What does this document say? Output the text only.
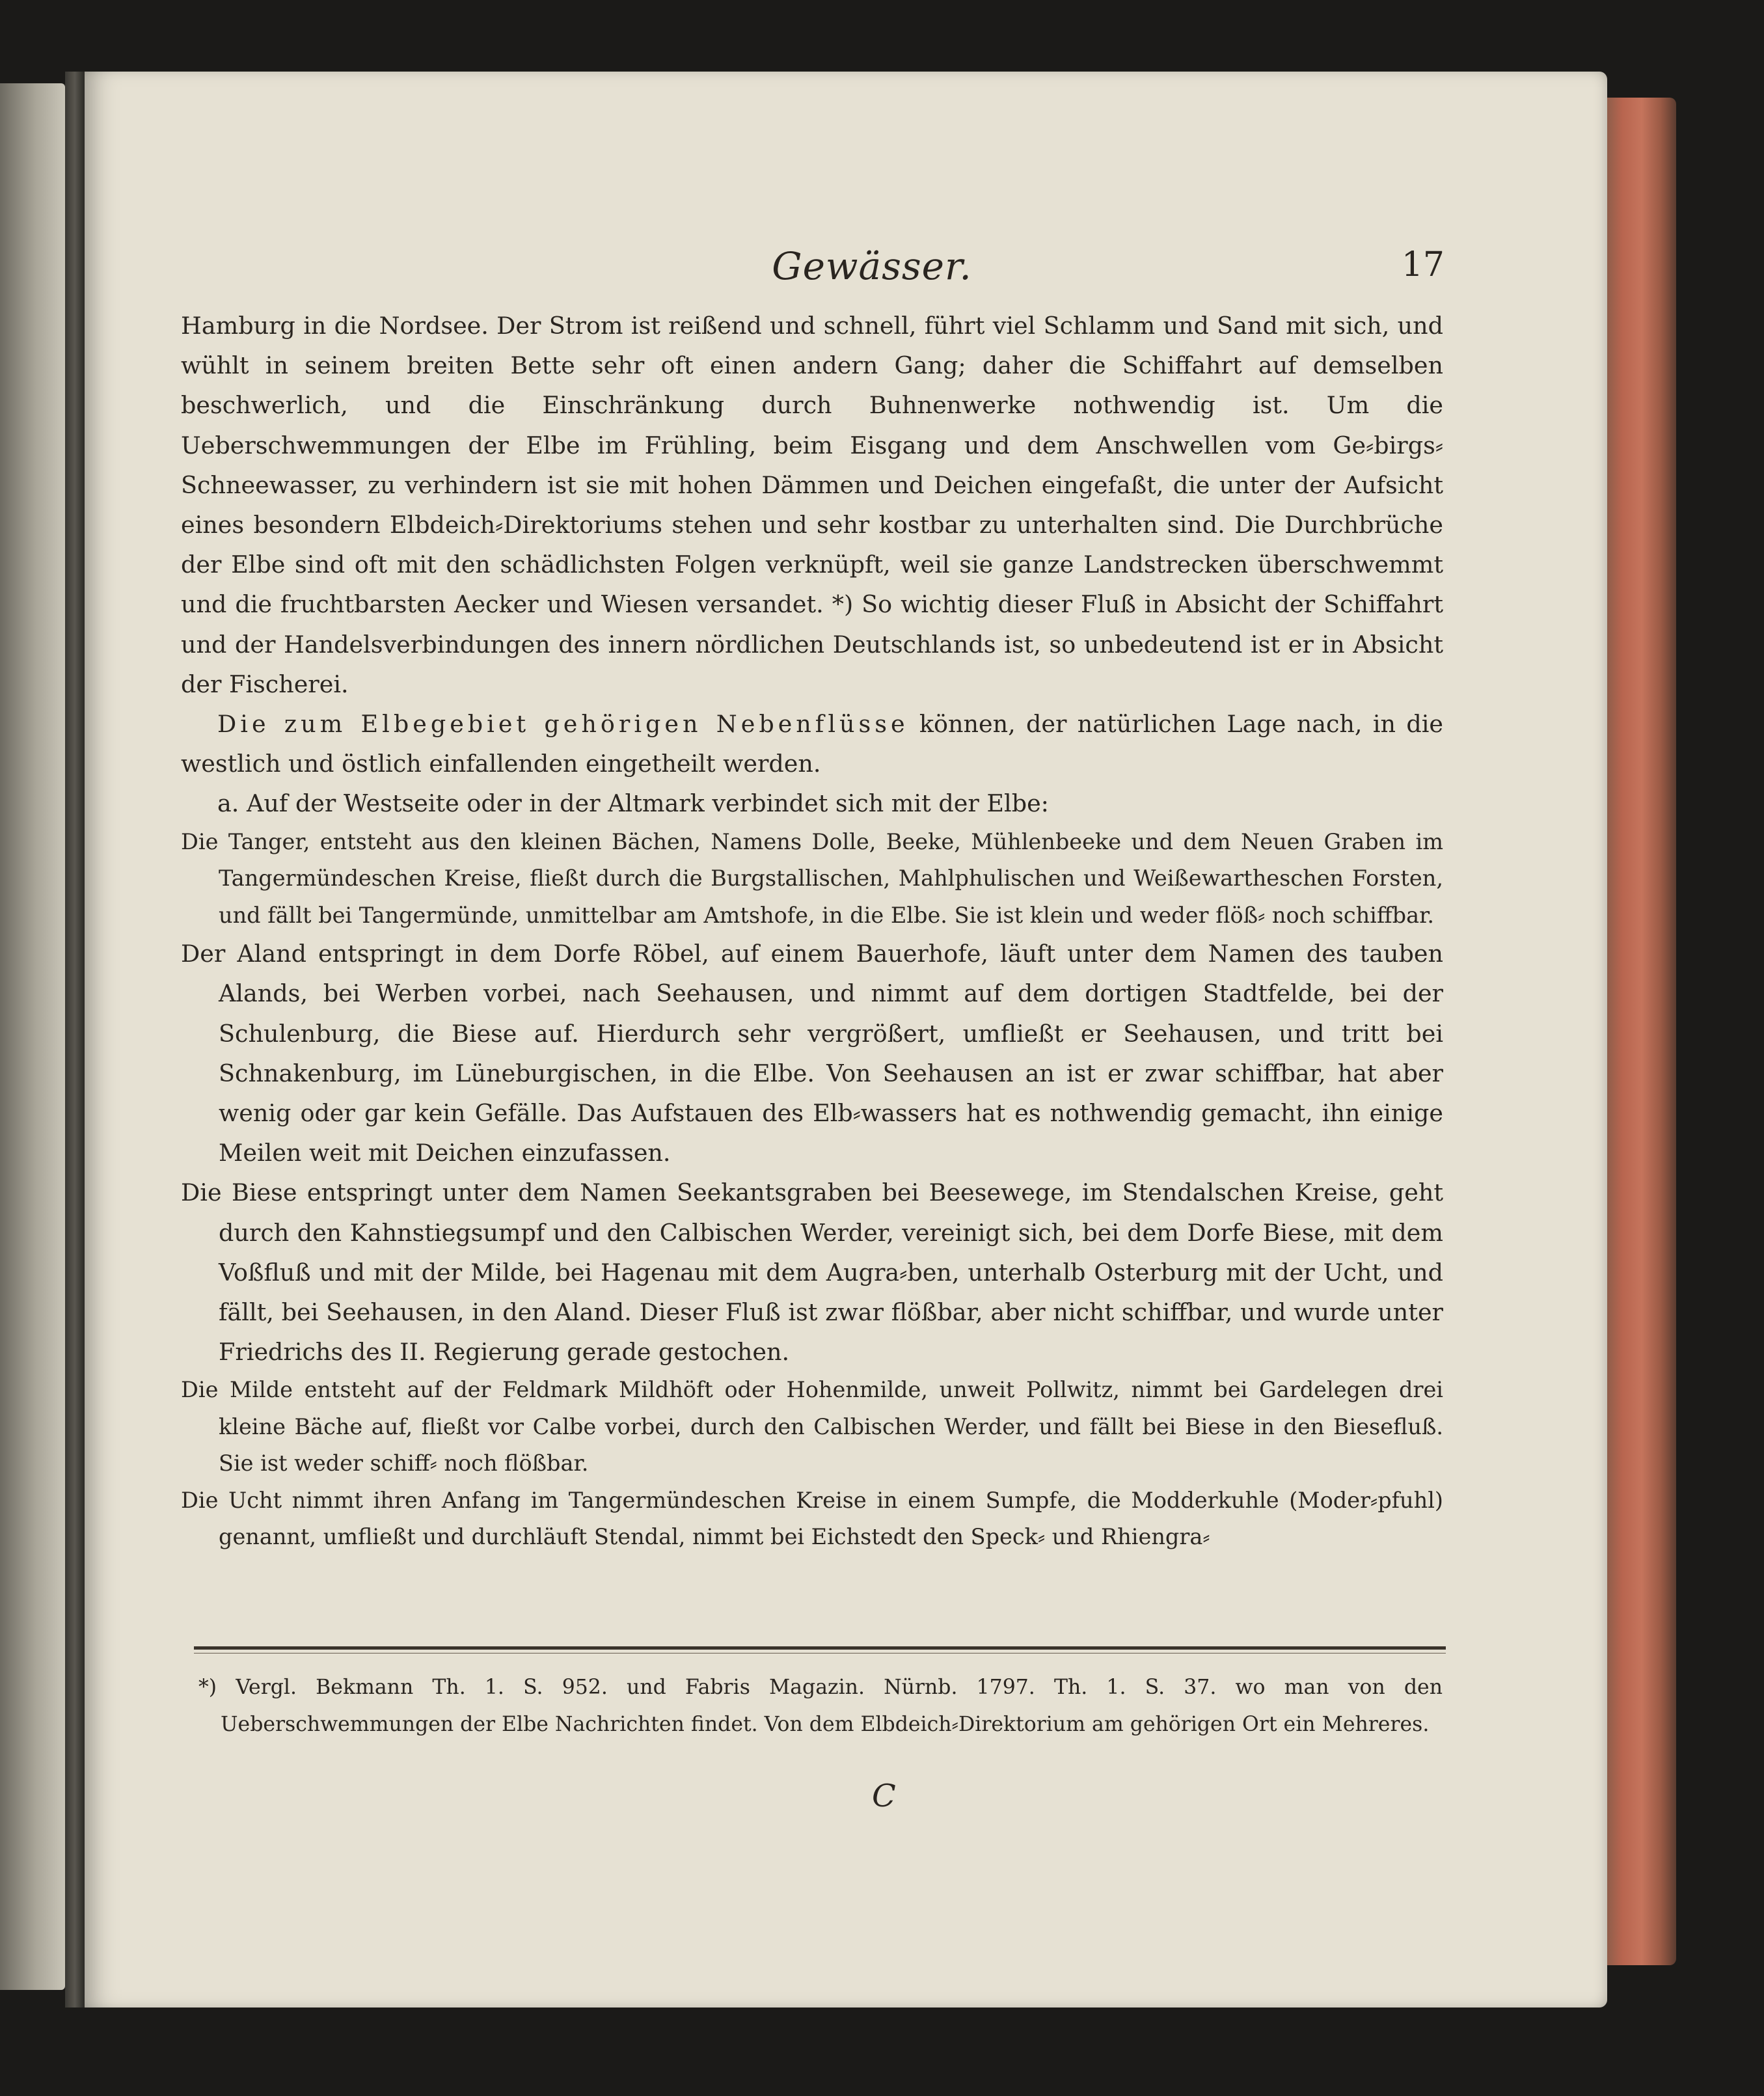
Gewässer.	17

Hamburg in die Nordsee. Der Strom ist reißend und schnell, führt viel Schlamm und Sand mit sich, und wühlt in seinem breiten Bette sehr oft einen andern Gang; daher die Schiffahrt auf demselben beschwerlich, und die Einschränkung durch Buhnenwerke nothwendig ist. Um die Ueberschwemmungen der Elbe im Frühling, beim Eisgang und dem Anschwellen vom Ge⸗birgs⸗Schneewasser, zu verhindern ist sie mit hohen Dämmen und Deichen eingefaßt, die unter der Aufsicht eines besondern Elbdeich⸗Direktoriums stehen und sehr kostbar zu unterhalten sind. Die Durchbrüche der Elbe sind oft mit den schädlichsten Folgen verknüpft, weil sie ganze Landstrecken überschwemmt und die fruchtbarsten Aecker und Wiesen versandet. *) So wichtig dieser Fluß in Absicht der Schiffahrt und der Handelsverbindungen des innern nördlichen Deutschlands ist, so unbedeutend ist er in Absicht der Fischerei.

Die zum Elbegebiet gehörigen Nebenflüsse können, der natürlichen Lage nach, in die westlich und östlich einfallenden eingetheilt werden.

a. Auf der Westseite oder in der Altmark verbindet sich mit der Elbe:

Die Tanger, entsteht aus den kleinen Bächen, Namens Dolle, Beeke, Mühlenbeeke und dem Neuen Graben im Tangermündeschen Kreise, fließt durch die Burgstallischen, Mahlphulischen und Weißewartheschen Forsten, und fällt bei Tangermünde, unmittelbar am Amtshofe, in die Elbe. Sie ist klein und weder flöß⸗ noch schiffbar.

Der Aland entspringt in dem Dorfe Röbel, auf einem Bauerhofe, läuft unter dem Namen des tauben Alands, bei Werben vorbei, nach Seehausen, und nimmt auf dem dortigen Stadtfelde, bei der Schulenburg, die Biese auf. Hierdurch sehr vergrößert, umfließt er Seehausen, und tritt bei Schnakenburg, im Lüneburgischen, in die Elbe. Von Seehausen an ist er zwar schiffbar, hat aber wenig oder gar kein Gefälle. Das Aufstauen des Elb⸗wassers hat es nothwendig gemacht, ihn einige Meilen weit mit Deichen einzufassen.

Die Biese entspringt unter dem Namen Seekantsgraben bei Beesewege, im Stendalschen Kreise, geht durch den Kahnstiegsumpf und den Calbischen Werder, vereinigt sich, bei dem Dorfe Biese, mit dem Voßfluß und mit der Milde, bei Hagenau mit dem Augra⸗ben, unterhalb Osterburg mit der Ucht, und fällt, bei Seehausen, in den Aland. Dieser Fluß ist zwar flößbar, aber nicht schiffbar, und wurde unter Friedrichs des II. Regierung gerade gestochen.

Die Milde entsteht auf der Feldmark Mildhöft oder Hohenmilde, unweit Pollwitz, nimmt bei Gardelegen drei kleine Bäche auf, fließt vor Calbe vorbei, durch den Calbischen Werder, und fällt bei Biese in den Biesefluß. Sie ist weder schiff⸗ noch flößbar.

Die Ucht nimmt ihren Anfang im Tangermündeschen Kreise in einem Sumpfe, die Modderkuhle (Moder⸗pfuhl) genannt, umfließt und durchläuft Stendal, nimmt bei Eichstedt den Speck⸗ und Rhiengra⸗

*) Vergl. Bekmann Th. 1. S. 952. und Fabris Magazin. Nürnb. 1797. Th. 1. S. 37. wo man von den Ueberschwemmungen der Elbe Nachrichten findet. Von dem Elbdeich⸗Direktorium am gehörigen Ort ein Mehreres.

C
